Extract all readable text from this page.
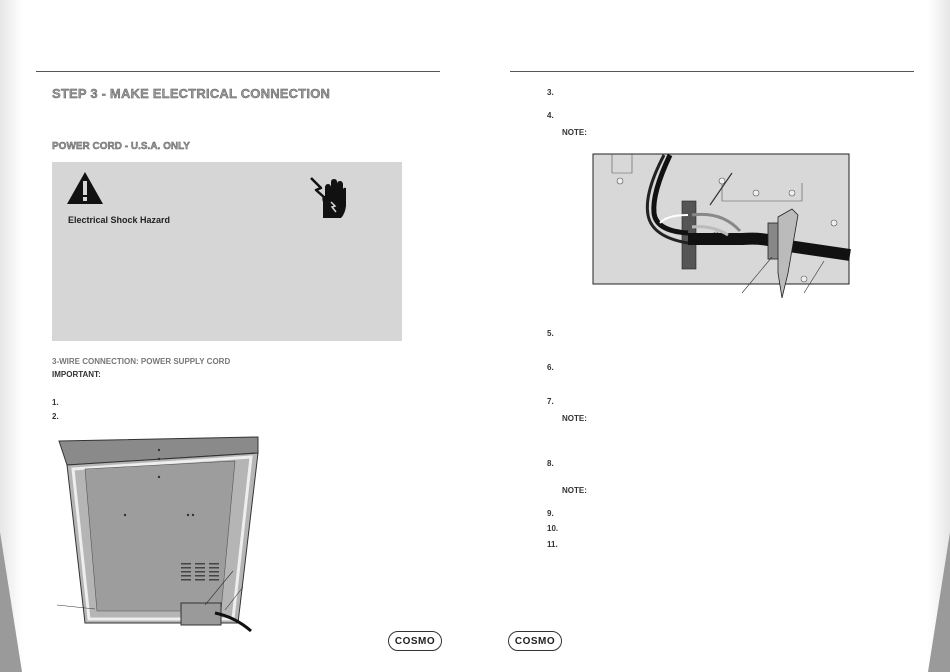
STEP 3 - MAKE ELECTRICAL CONNECTION
POWER CORD - U.S.A. ONLY
Electrical Shock Hazard
3-WIRE CONNECTION: POWER SUPPLY CORD
IMPORTANT:
1.
2.
3.
4.
NOTE:
5.
6.
7.
NOTE:
8.
NOTE:
9.
10.
11.
COSMO	COSMO
